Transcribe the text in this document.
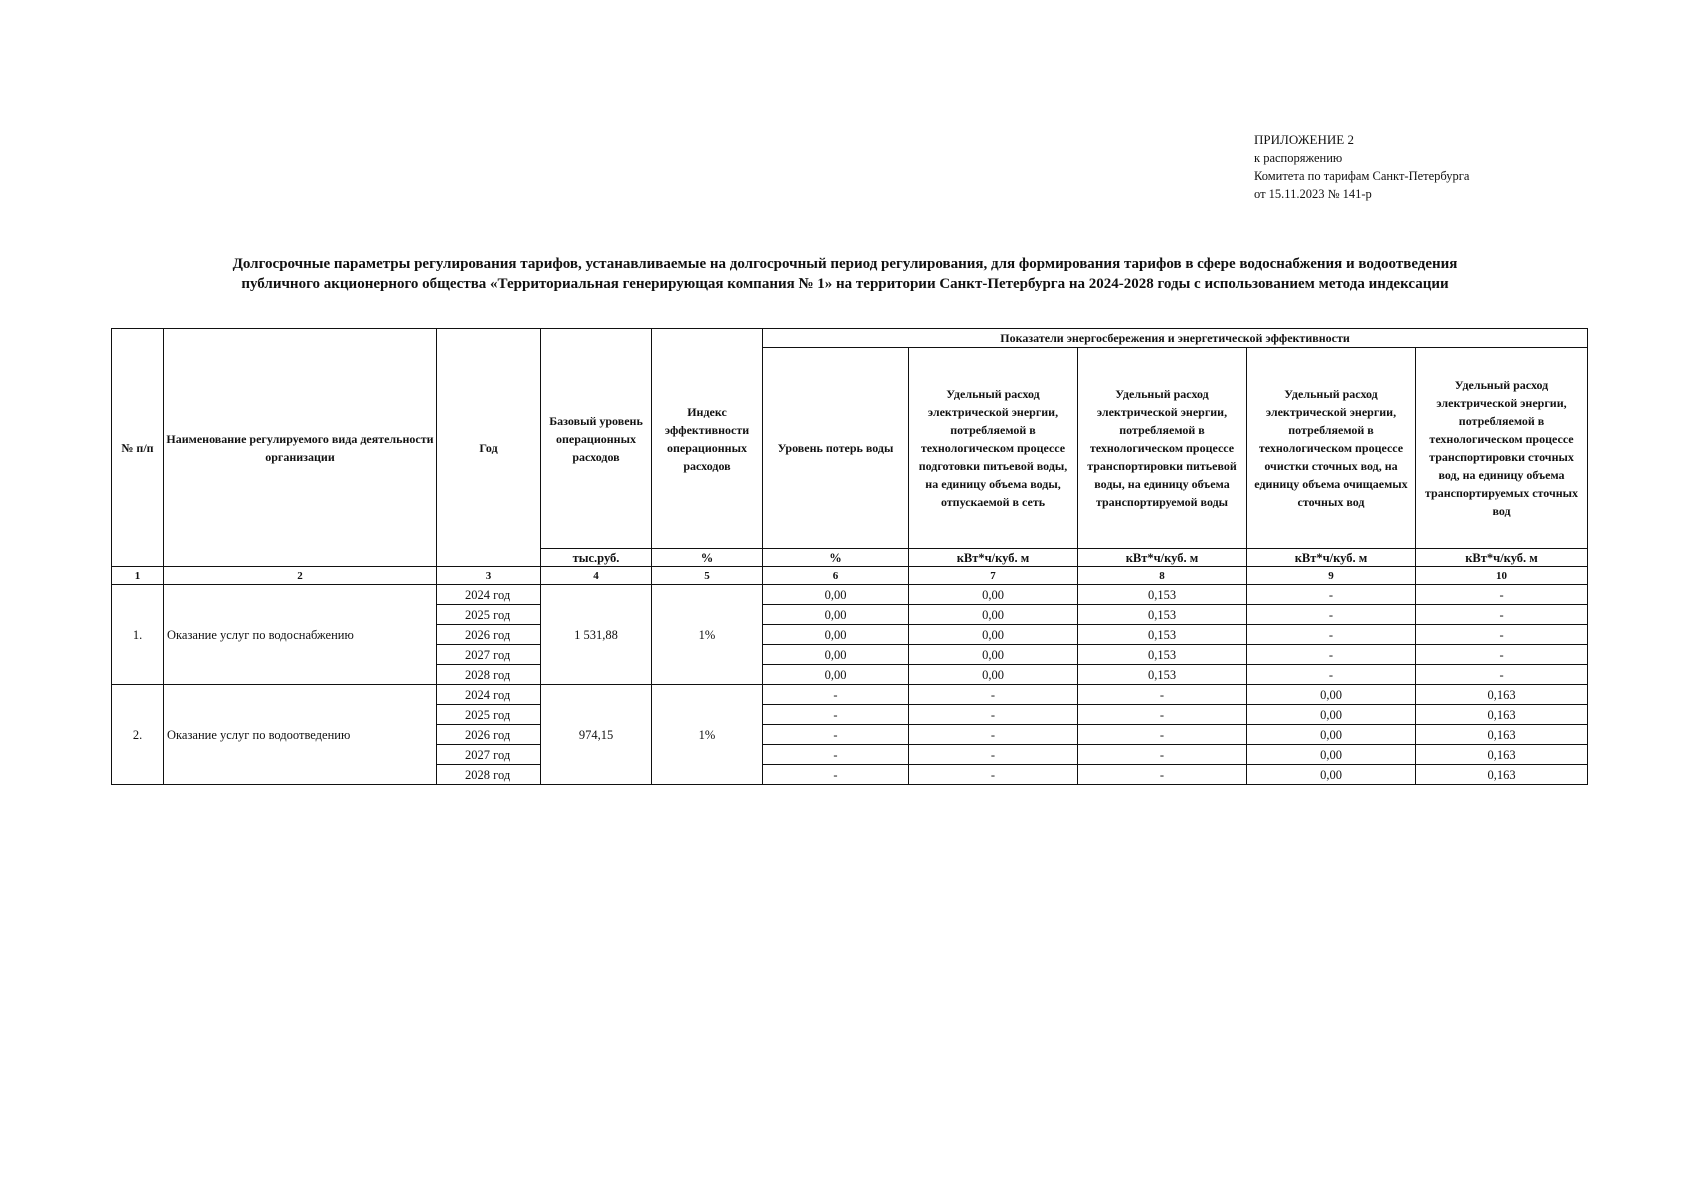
ПРИЛОЖЕНИЕ 2
к распоряжению
Комитета по тарифам Санкт-Петербурга
от 15.11.2023 № 141-р
Долгосрочные параметры регулирования тарифов, устанавливаемые на долгосрочный период регулирования, для формирования тарифов в сфере водоснабжения и водоотведения
публичного акционерного общества «Территориальная генерирующая компания № 1» на территории Санкт-Петербурга на 2024-2028 годы с использованием метода индексации
№ п/п	Наименование регулируемого вида деятельности организации	Год	Базовый уровень операционных расходов	Индекс эффективности операционных расходов	Показатели энергосбережения и энергетической эффективности				
					Уровень потерь воды	Удельный расход электрической энергии, потребляемой в технологическом процессе подготовки питьевой воды, на единицу объема воды, отпускаемой в сеть	Удельный расход электрической энергии, потребляемой в технологическом процессе транспортировки питьевой воды, на единицу объема транспортируемой воды	Удельный расход электрической энергии, потребляемой в технологическом процессе очистки сточных вод, на единицу объема очищаемых сточных вод	Удельный расход электрической энергии, потребляемой в технологическом процессе транспортировки сточных вод, на единицу объема транспортируемых сточных вод
			тыс.руб.	%	%	кВт*ч/куб. м	кВт*ч/куб. м	кВт*ч/куб. м	кВт*ч/куб. м
1	2	3	4	5	6	7	8	9	10
1.	Оказание услуг по водоснабжению	2024 год	1 531,88	1%	0,00	0,00	0,153	-	-
		2025 год			0,00	0,00	0,153	-	-
		2026 год			0,00	0,00	0,153	-	-
		2027 год			0,00	0,00	0,153	-	-
		2028 год			0,00	0,00	0,153	-	-
2.	Оказание услуг по водоотведению	2024 год	974,15	1%	-	-	-	0,00	0,163
		2025 год			-	-	-	0,00	0,163
		2026 год			-	-	-	0,00	0,163
		2027 год			-	-	-	0,00	0,163
		2028 год			-	-	-	0,00	0,163
